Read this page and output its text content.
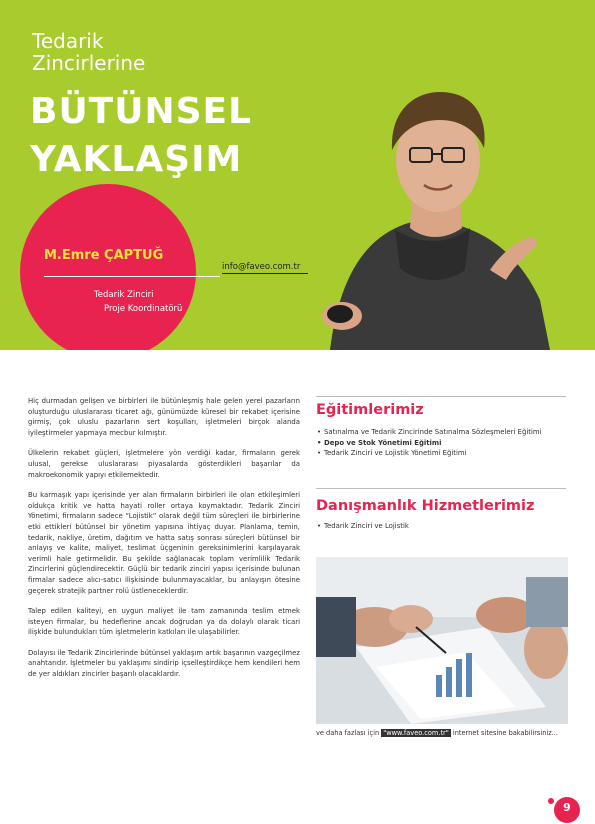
Tedarik
Zincirlerine
BÜTÜNSEL
YAKLAŞIM
M.Emre ÇAPTUĞ
info@faveo.com.tr
Tedarik Zinciri
Proje Koordinatörü

Hiç durmadan gelişen ve birbirleri ile bütünleşmiş hale gelen yerel pazarların oluşturduğu uluslararası ticaret ağı, günümüzde küresel bir rekabet içerisine girmiş, çok uluslu pazarların sert koşulları, işletmeleri birçok alanda iyileştirmeler yapmaya mecbur kılmıştır.

Ülkelerin rekabet güçleri, işletmelere yön verdiği kadar, firmaların gerek ulusal, gerekse uluslararası piyasalarda gösterdikleri başarılar da makroekonomik yapıyı etkilemektedir.

Bu karmaşık yapı içerisinde yer alan firmaların birbirleri ile olan etkileşimleri oldukça kritik ve hatta hayati roller ortaya koymaktadır. Tedarik Zinciri Yönetimi, firmaların sadece “Lojistik” olarak değil tüm süreçleri ile birbirlerine etki ettikleri bütünsel bir yönetim yapısına ihtiyaç duyar. Planlama, temin, tedarik, nakliye, üretim, dağıtım ve hatta satış sonrası süreçleri bütünsel bir anlayış ve kalite, maliyet, teslimat üçgeninin gereksinimlerini karşılayarak verimli hale getirmelidir. Bu şekilde sağlanacak toplam verimlilik Tedarik Zincirlerini güçlendirecektir. Güçlü bir tedarik zinciri yapısı içerisinde bulunan firmalar sadece alıcı-satıcı ilişkisinde bulunmayacaklar, bu anlayışın ötesine geçerek stratejik partner rolü üstleneceklerdir.

Talep edilen kaliteyi, en uygun maliyet ile tam zamanında teslim etmek isteyen firmalar, bu hedeflerine ancak doğrudan ya da dolaylı olarak ticari ilişkide bulundukları tüm işletmelerin katkıları ile ulaşabilirler.

Dolayısı ile Tedarik Zincirlerinde bütünsel yaklaşım artık başarının vazgeçilmez anahtarıdır. İşletmeler bu yaklaşımı sindirip içselleştirdikçe hem kendileri hem de yer aldıkları zincirler başarılı olacaklardır.

Eğitimlerimiz
• Satınalma ve Tedarik Zincirinde Satınalma Sözleşmeleri Eğitimi
• Depo ve Stok Yönetimi Eğitimi
• Tedarik Zinciri ve Lojistik Yönetimi Eğitimi
Danışmanlık Hizmetlerimiz
• Tedarik Zinciri ve Lojistik
ve daha fazlası için "www.faveo.com.tr" internet sitesine bakabilirsiniz...
9
